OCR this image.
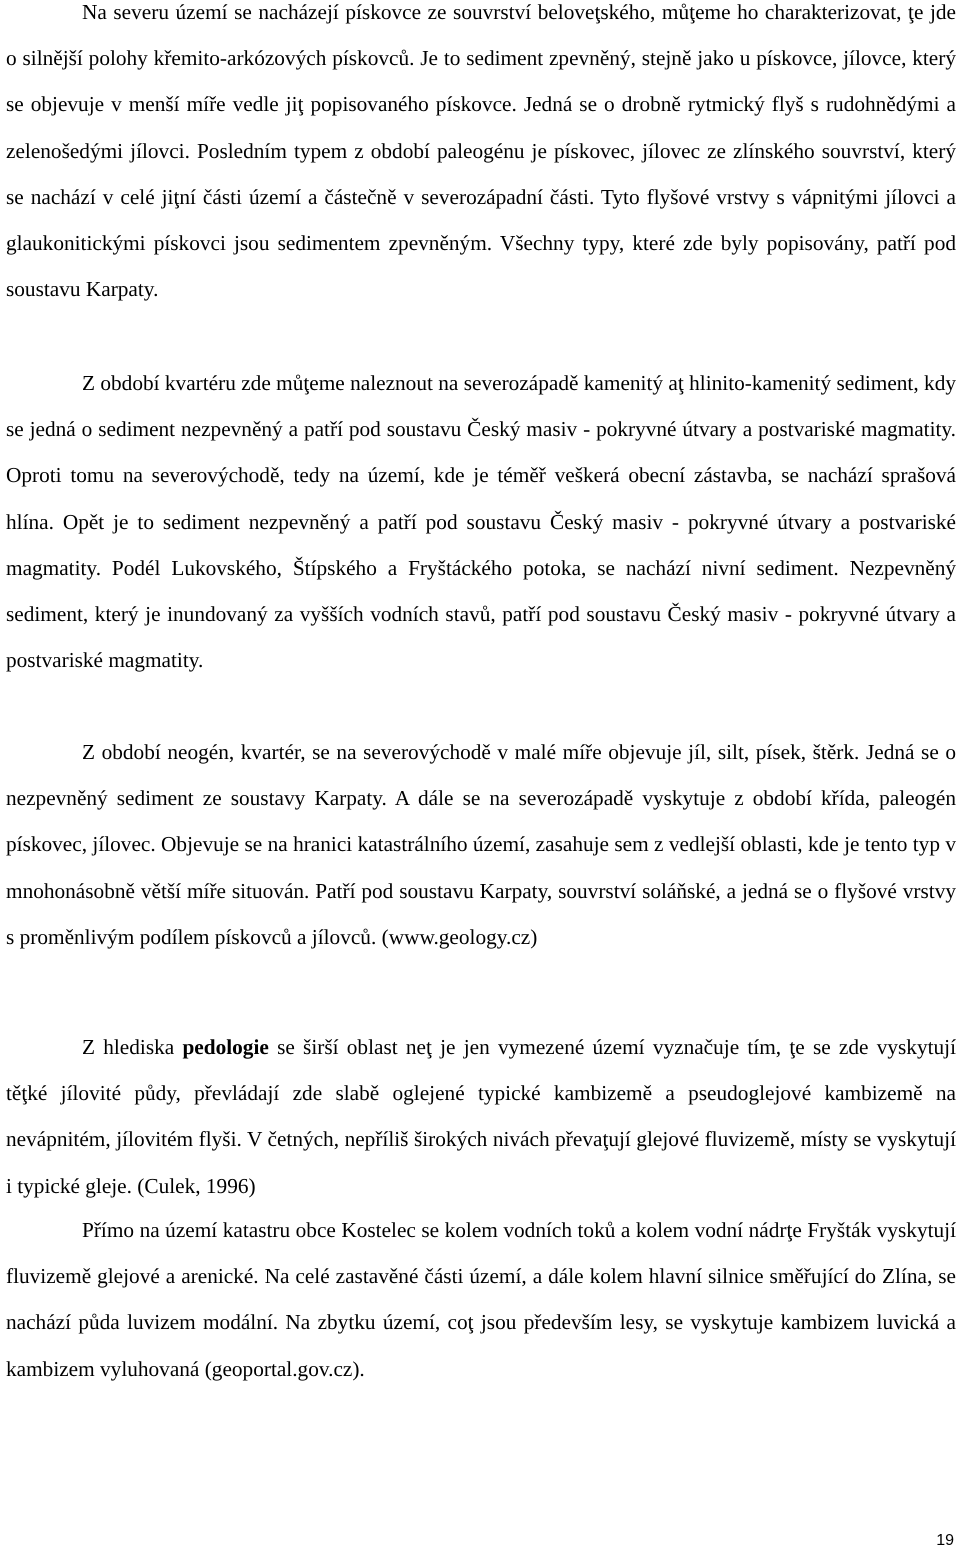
Na severu území se nacházejí pískovce ze souvrství beloveţského, můţeme ho charakterizovat, ţe jde o silnější polohy křemito-arkózových pískovců. Je to sediment zpevněný, stejně jako u pískovce, jílovce, který se objevuje v menší míře vedle jiţ popisovaného pískovce. Jedná se o drobně rytmický flyš s rudohnědými a zelenošedými jílovci. Posledním typem z období paleogénu je pískovec, jílovec ze zlínského souvrství, který se nachází v celé jiţní části území a částečně v severozápadní části. Tyto flyšové vrstvy s vápnitými jílovci a glaukonitickými pískovci jsou sedimentem zpevněným. Všechny typy, které zde byly popisovány, patří pod soustavu Karpaty.

Z období kvartéru zde můţeme naleznout na severozápadě kamenitý aţ hlinito-kamenitý sediment, kdy se jedná o sediment nezpevněný a patří pod soustavu Český masiv - pokryvné útvary a postvariské magmatity. Oproti tomu na severovýchodě, tedy na území, kde je téměř veškerá obecní zástavba, se nachází sprašová hlína. Opět je to sediment nezpevněný a patří pod soustavu Český masiv - pokryvné útvary a postvariské magmatity. Podél Lukovského, Štípského a Fryštáckého potoka, se nachází nivní sediment. Nezpevněný sediment, který je inundovaný za vyšších vodních stavů, patří pod soustavu Český masiv - pokryvné útvary a postvariské magmatity.

Z období neogén, kvartér, se na severovýchodě v malé míře objevuje jíl, silt, písek, štěrk. Jedná se o nezpevněný sediment ze soustavy Karpaty. A dále se na severozápadě vyskytuje z období křída, paleogén pískovec, jílovec. Objevuje se na hranici katastrálního území, zasahuje sem z vedlejší oblasti, kde je tento typ v mnohonásobně větší míře situován. Patří pod soustavu Karpaty, souvrství soláňské, a jedná se o flyšové vrstvy s proměnlivým podílem pískovců a jílovců. (www.geology.cz)

Z hlediska pedologie se širší oblast neţ je jen vymezené území vyznačuje tím, ţe se zde vyskytují těţké jílovité půdy, převládají zde slabě oglejené typické kambizemě a pseudoglejové kambizemě na nevápnitém, jílovitém flyši. V četných, nepříliš širokých nivách převaţují glejové fluvizemě, místy se vyskytují i typické gleje. (Culek, 1996)

Přímo na území katastru obce Kostelec se kolem vodních toků a kolem vodní nádrţe Fryšták vyskytují fluvizemě glejové a arenické. Na celé zastavěné části území, a dále kolem hlavní silnice směřující do Zlína, se nachází půda luvizem modální. Na zbytku území, coţ jsou především lesy, se vyskytuje kambizem luvická a kambizem vyluhovaná (geoportal.gov.cz).

19
